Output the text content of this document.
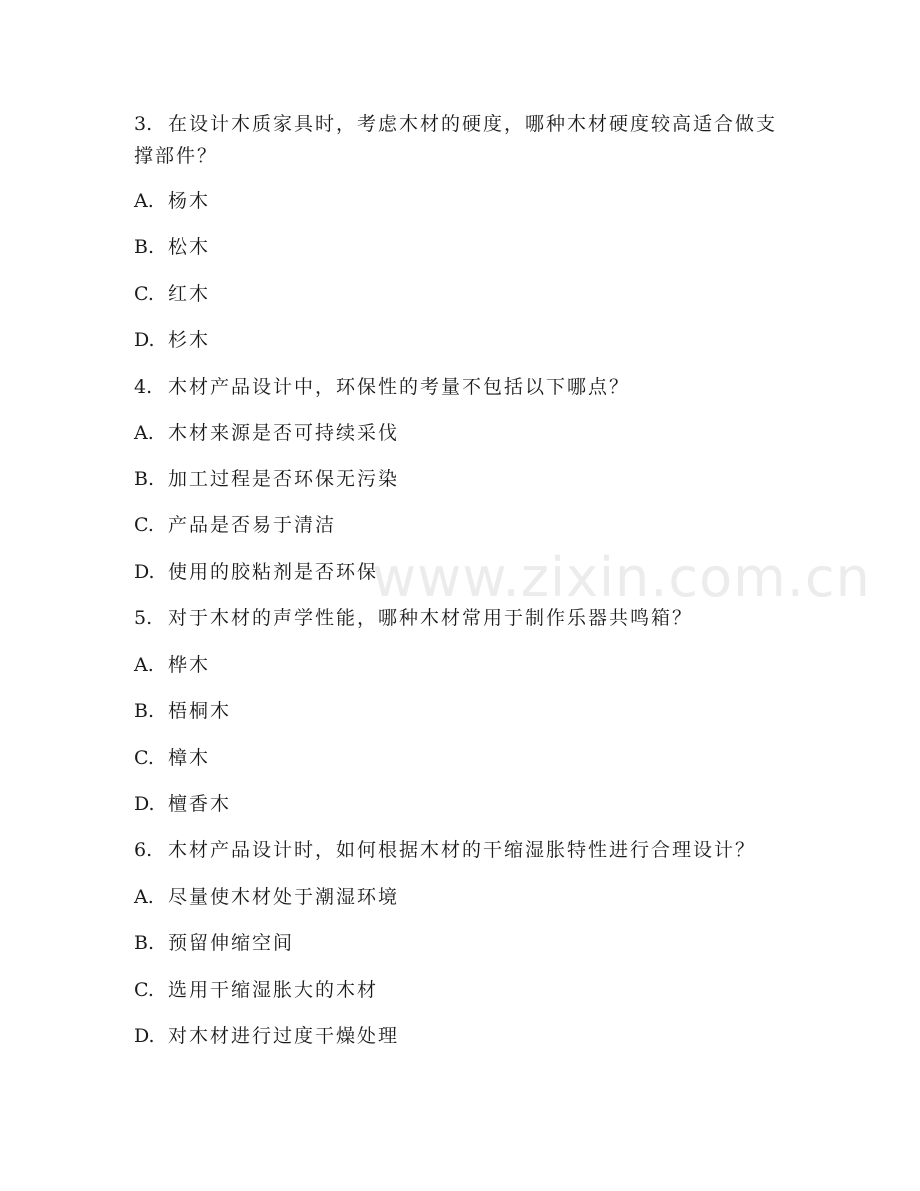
www.zixin.com.cn
3. 在设计木质家具时，考虑木材的硬度，哪种木材硬度较高适合做支
撑部件？
A. 杨木
B. 松木
C. 红木
D. 杉木
4. 木材产品设计中，环保性的考量不包括以下哪点？
A. 木材来源是否可持续采伐
B. 加工过程是否环保无污染
C. 产品是否易于清洁
D. 使用的胶粘剂是否环保
5. 对于木材的声学性能，哪种木材常用于制作乐器共鸣箱？
A. 桦木
B. 梧桐木
C. 樟木
D. 檀香木
6. 木材产品设计时，如何根据木材的干缩湿胀特性进行合理设计？
A. 尽量使木材处于潮湿环境
B. 预留伸缩空间
C. 选用干缩湿胀大的木材
D. 对木材进行过度干燥处理
